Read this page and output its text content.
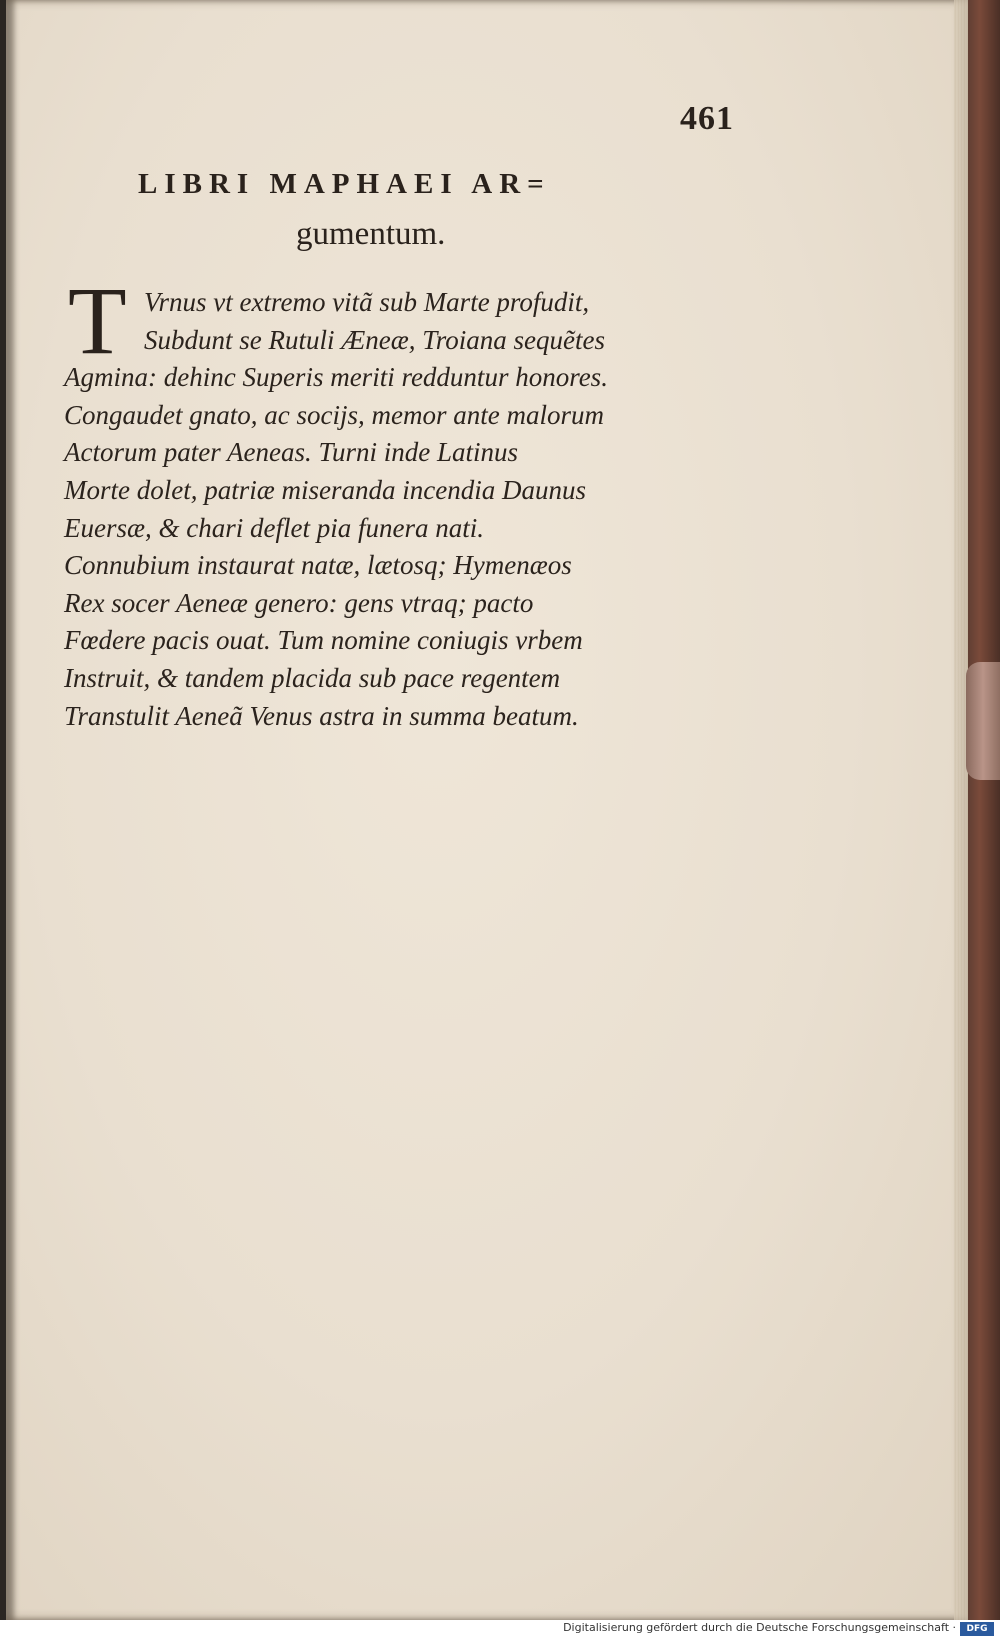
461
LIBRI MAPHAEI AR=
gumentum.
T Vrnus vt extremo vitã sub Marte profudit,
Subdunt se Rutuli Æneæ, Troiana sequẽtes
Agmina: dehinc Superis meriti redduntur honores.
Congaudet gnato, ac socijs, memor ante malorum
Actorum pater Aeneas. Turni inde Latinus
Morte dolet, patriæ miseranda incendia Daunus
Euersæ, & chari deflet pia funera nati.
Connubium instaurat natæ, lætosq; Hymenæos
Rex socer Aeneæ genero: gens vtraq; pacto
Fœdere pacis ouat. Tum nomine coniugis vrbem
Instruit, & tandem placida sub pace regentem
Transtulit Aeneã Venus astra in summa beatum.
Digitalisierung gefördert durch die Deutsche Forschungsgemeinschaft ·	DFG
